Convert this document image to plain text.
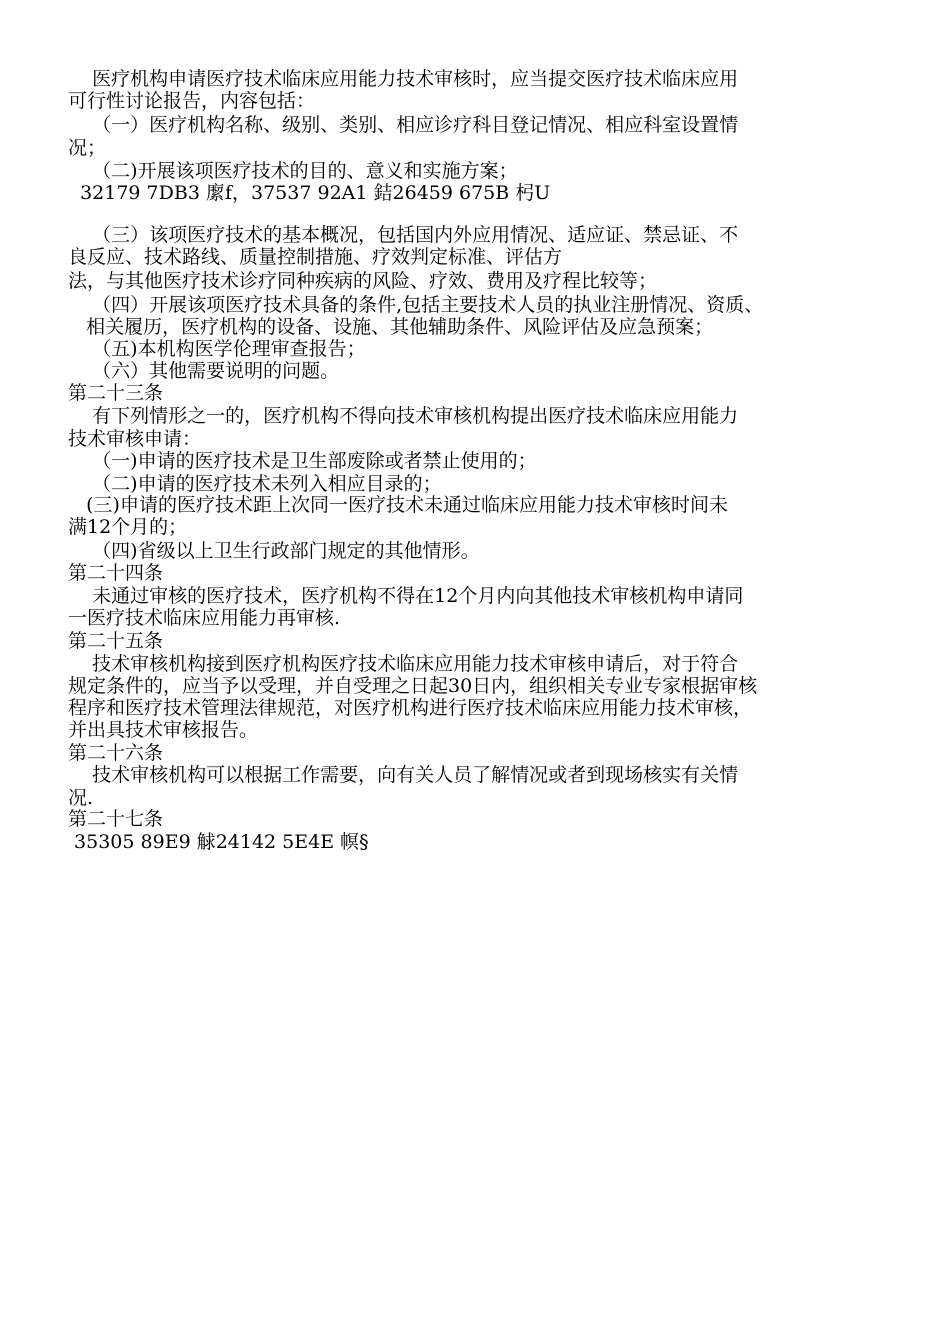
医疗机构申请医疗技术临床应用能力技术审核时，应当提交医疗技术临床应用
可行性讨论报告，内容包括：
（一）医疗机构名称、级别、类别、相应诊疗科目登记情况、相应科室设置情
况；
（二)开展该项医疗技术的目的、意义和实施方案；
32179 7DB3 緳f，37537 92A1 銡26459 675B 杛U
（三）该项医疗技术的基本概况，包括国内外应用情况、适应证、禁忌证、不
良反应、技术路线、质量控制措施、疗效判定标准、评估方
法，与其他医疗技术诊疗同种疾病的风险、疗效、费用及疗程比较等；
（四）开展该项医疗技术具备的条件,包括主要技术人员的执业注册情况、资质、
相关履历，医疗机构的设备、设施、其他辅助条件、风险评估及应急预案；
（五)本机构医学伦理审查报告；
（六）其他需要说明的问题。
第二十三条
有下列情形之一的，医疗机构不得向技术审核机构提出医疗技术临床应用能力
技术审核申请：
（一)申请的医疗技术是卫生部废除或者禁止使用的；
（二)申请的医疗技术未列入相应目录的；
(三)申请的医疗技术距上次同一医疗技术未通过临床应用能力技术审核时间未
满12个月的；
（四)省级以上卫生行政部门规定的其他情形。
第二十四条
未通过审核的医疗技术，医疗机构不得在12个月内向其他技术审核机构申请同
一医疗技术临床应用能力再审核.
第二十五条
技术审核机构接到医疗机构医疗技术临床应用能力技术审核申请后，对于符合
规定条件的，应当予以受理，并自受理之日起30日内，组织相关专业专家根据审核
程序和医疗技术管理法律规范，对医疗机构进行医疗技术临床应用能力技术审核，
并出具技术审核报告。
第二十六条
技术审核机构可以根据工作需要，向有关人员了解情况或者到现场核实有关情
况.
第二十七条
35305 89E9 觩24142 5E4E 幎§
